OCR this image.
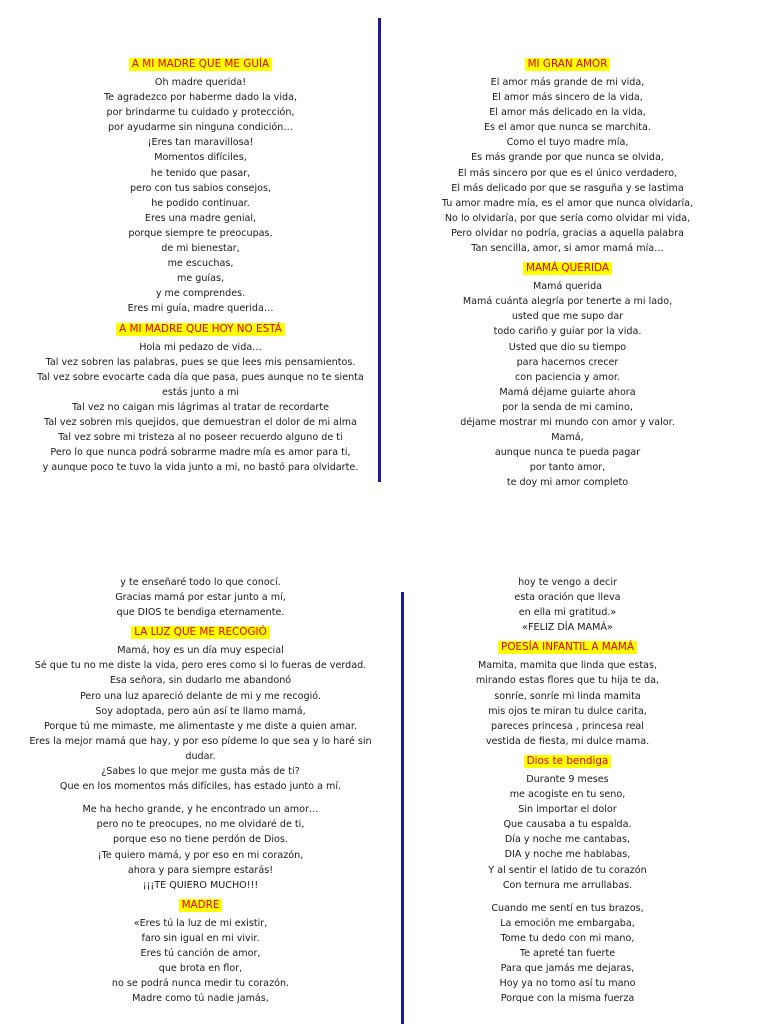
A MI MADRE QUE ME GUÍA
Oh madre querida!
Te agradezco por haberme dado la vida,
por brindarme tu cuidado y protección,
por ayudarme sin ninguna condición…
¡Eres tan maravillosa!
Momentos difíciles,
he tenido que pasar,
pero con tus sabios consejos,
he podido continuar.
Eres una madre genial,
porque siempre te preocupas,
de mi bienestar,
me escuchas,
me guías,
y me comprendes.
Eres mi guía, madre querida…
A MI MADRE QUE HOY NO ESTÁ
Hola mi pedazo de vida…
Tal vez sobren las palabras, pues se que lees mis pensamientos.
Tal vez sobre evocarte cada día que pasa, pues aunque no te sienta
estás junto a mi
Tal vez no caigan mis lágrimas al tratar de recordarte
Tal vez sobren mis quejidos, que demuestran el dolor de mi alma
Tal vez sobre mi tristeza al no poseer recuerdo alguno de ti
Pero lo que nunca podrá sobrarme madre mía es amor para ti,
y aunque poco te tuvo la vida junto a mi, no bastó para olvidarte.
MI GRAN AMOR
El amor más grande de mi vida,
El amor más sincero de la vida,
El amor más delicado en la vida,
Es el amor que nunca se marchita.
Como el tuyo madre mía,
Es más grande por que nunca se olvida,
El más sincero por que es el único verdadero,
El más delicado por que se rasguña y se lastima
Tu amor madre mía, es el amor que nunca olvidaría,
No lo olvidaría, por que sería como olvidar mi vida,
Pero olvidar no podría, gracias a aquella palabra
Tan sencilla, amor, si amor mamá mía…
MAMÁ QUERIDA
Mamá querida
Mamá cuánta alegría por tenerte a mi lado,
usted que me supo dar
todo cariño y guiar por la vida.
Usted que dio su tiempo
para hacernos crecer
con paciencia y amor.
Mamá déjame guiarte ahora
por la senda de mi camino,
déjame mostrar mi mundo con amor y valor.
Mamá,
aunque nunca te pueda pagar
por tanto amor,
te doy mi amor completo
y te enseñaré todo lo que conocí.
Gracias mamá por estar junto a mí,
que DIOS te bendiga eternamente.
LA LUZ QUE ME RECOGIÓ
Mamá, hoy es un día muy especial
Sé que tu no me diste la vida, pero eres como si lo fueras de verdad.
Esa señora, sin dudarlo me abandonó
Pero una luz apareció delante de mi y me recogió.
Soy adoptada, pero aún así te llamo mamá,
Porque tú me mimaste, me alimentaste y me diste a quien amar.
Eres la mejor mamá que hay, y por eso pídeme lo que sea y lo haré sin dudar.
¿Sabes lo que mejor me gusta más de ti?
Que en los momentos más difíciles, has estado junto a mí.
Me ha hecho grande, y he encontrado un amor…
pero no te preocupes, no me olvidaré de ti,
porque eso no tiene perdón de Dios.
¡Te quiero mamá, y por eso en mi corazón,
ahora y para siempre estarás!
¡¡¡TE QUIERO MUCHO!!!
MADRE
«Eres tú la luz de mi existir,
faro sin igual en mi vivir.
Eres tú canción de amor,
que brota en flor,
no se podrá nunca medir tu corazón.
Madre como tú nadie jamás,
hoy te vengo a decir
esta oración que lleva
en ella mi gratitud.»
«FELIZ DÍA MAMÁ»
POESÍA INFANTIL A MAMÁ
Mamita, mamita que linda que estas,
mirando estas flores que tu hija te da,
sonríe, sonríe mi linda mamita
mis ojos te miran tu dulce carita,
pareces princesa , princesa real
vestida de fiesta, mi dulce mama.
Dios te bendiga
Durante 9 meses
me acogiste en tu seno,
Sin importar el dolor
Que causaba a tu espalda.
Día y noche me cantabas,
DIA y noche me hablabas,
Y al sentir el latido de tu corazón
Con ternura me arrullabas.
Cuando me sentí en tus brazos,
La emoción me embargaba,
Tome tu dedo con mi mano,
Te apreté tan fuerte
Para que jamás me dejaras,
Hoy ya no tomo así tu mano
Porque con la misma fuerza
